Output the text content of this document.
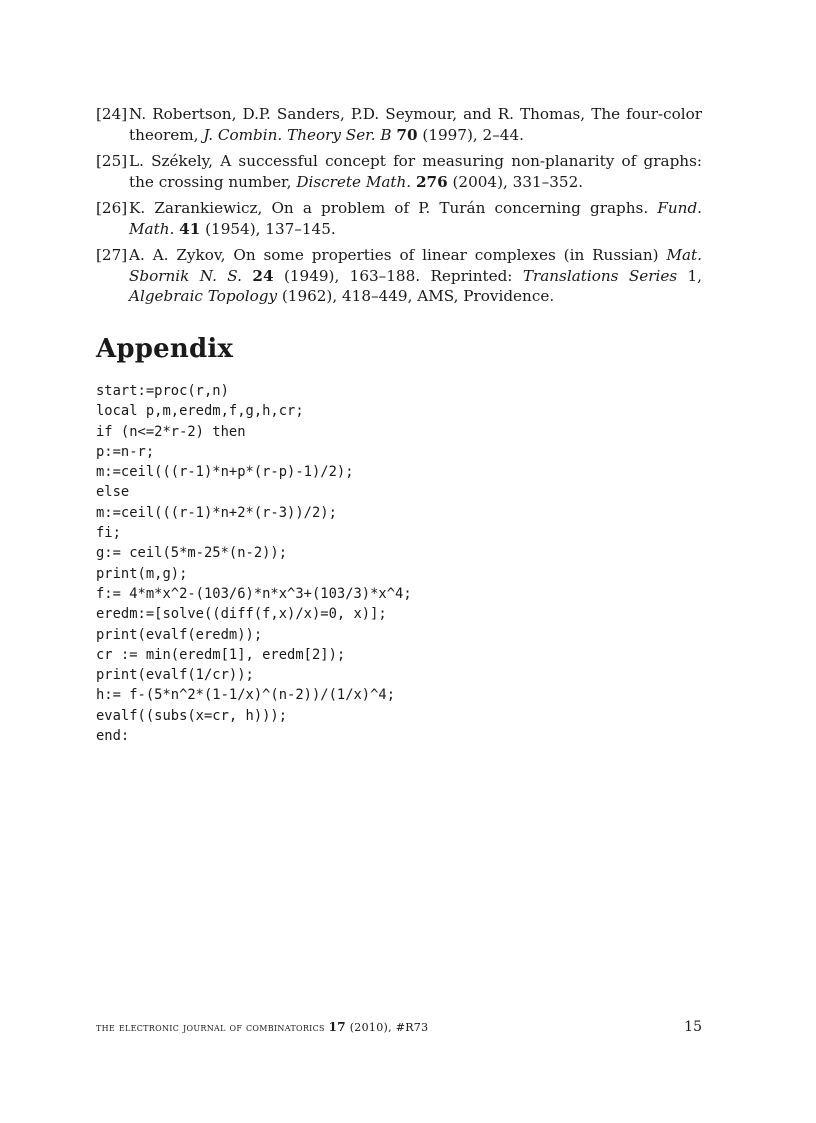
[24] N. Robertson, D.P. Sanders, P.D. Seymour, and R. Thomas, The four-color theorem, J. Combin. Theory Ser. B 70 (1997), 2–44.
[25] L. Székely, A successful concept for measuring non-planarity of graphs: the crossing number, Discrete Math. 276 (2004), 331–352.
[26] K. Zarankiewicz, On a problem of P. Turán concerning graphs. Fund. Math. 41 (1954), 137–145.
[27] A. A. Zykov, On some properties of linear complexes (in Russian) Mat. Sbornik N. S. 24 (1949), 163–188. Reprinted: Translations Series 1, Algebraic Topology (1962), 418–449, AMS, Providence.
Appendix
start:=proc(r,n)
local p,m,eredm,f,g,h,cr;
if (n<=2*r-2) then
p:=n-r;
m:=ceil(((r-1)*n+p*(r-p)-1)/2);
else
m:=ceil(((r-1)*n+2*(r-3))/2);
fi;
g:= ceil(5*m-25*(n-2));
print(m,g);
f:= 4*m*x^2-(103/6)*n*x^3+(103/3)*x^4;
eredm:=[solve((diff(f,x)/x)=0, x)];
print(evalf(eredm));
cr := min(eredm[1], eredm[2]);
print(evalf(1/cr));
h:= f-(5*n^2*(1-1/x)^(n-2))/(1/x)^4;
evalf((subs(x=cr, h)));
end:
the electronic journal of combinatorics 17 (2010), #R73	15
